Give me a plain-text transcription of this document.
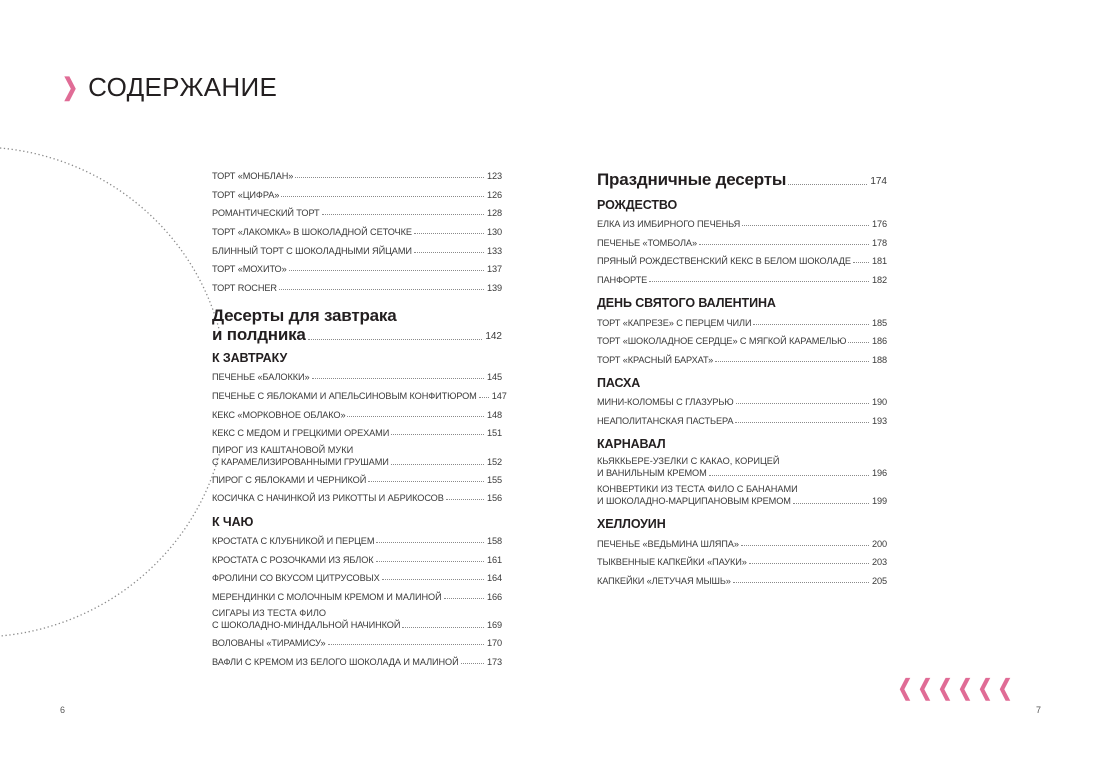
❯ СОДЕРЖАНИЕ
ТОРТ «МОНБЛАН»	123
ТОРТ «ЦИФРА»	126
РОМАНТИЧЕСКИЙ ТОРТ	128
ТОРТ «ЛАКОМКА» В ШОКОЛАДНОЙ СЕТОЧКЕ	130
БЛИННЫЙ ТОРТ С ШОКОЛАДНЫМИ ЯЙЦАМИ	133
ТОРТ «МОХИТО»	137
ТОРТ ROCHER	139
Десерты для завтрака
и полдника	142
К ЗАВТРАКУ
ПЕЧЕНЬЕ «БАЛОККИ»	145
ПЕЧЕНЬЕ С ЯБЛОКАМИ И АПЕЛЬСИНОВЫМ КОНФИТЮРОМ 147
КЕКС «МОРКОВНОЕ ОБЛАКО»	148
КЕКС С МЕДОМ И ГРЕЦКИМИ ОРЕХАМИ	151
ПИРОГ ИЗ КАШТАНОВОЙ МУКИ
С КАРАМЕЛИЗИРОВАННЫМИ ГРУШАМИ	152
ПИРОГ С ЯБЛОКАМИ И ЧЕРНИКОЙ	155
КОСИЧКА С НАЧИНКОЙ ИЗ РИКОТТЫ И АБРИКОСОВ	156
К ЧАЮ
КРОСТАТА С КЛУБНИКОЙ И ПЕРЦЕМ	158
КРОСТАТА С РОЗОЧКАМИ ИЗ ЯБЛОК	161
ФРОЛИНИ СО ВКУСОМ ЦИТРУСОВЫХ	164
МЕРЕНДИНКИ С МОЛОЧНЫМ КРЕМОМ И МАЛИНОЙ	166
СИГАРЫ ИЗ ТЕСТА ФИЛО
С ШОКОЛАДНО-МИНДАЛЬНОЙ НАЧИНКОЙ	169
ВОЛОВАНЫ «ТИРАМИСУ»	170
ВАФЛИ С КРЕМОМ ИЗ БЕЛОГО ШОКОЛАДА И МАЛИНОЙ	173
Праздничные десерты	174
РОЖДЕСТВО
ЕЛКА ИЗ ИМБИРНОГО ПЕЧЕНЬЯ	176
ПЕЧЕНЬЕ «ТОМБОЛА»	178
ПРЯНЫЙ РОЖДЕСТВЕНСКИЙ КЕКС В БЕЛОМ ШОКОЛАДЕ 181
ПАНФОРТЕ	182
ДЕНЬ СВЯТОГО ВАЛЕНТИНА
ТОРТ «КАПРЕЗЕ» С ПЕРЦЕМ ЧИЛИ	185
ТОРТ «ШОКОЛАДНОЕ СЕРДЦЕ» С МЯГКОЙ КАРАМЕЛЬЮ	186
ТОРТ «КРАСНЫЙ БАРХАТ»	188
ПАСХА
МИНИ-КОЛОМБЫ С ГЛАЗУРЬЮ	190
НЕАПОЛИТАНСКАЯ ПАСТЬЕРА	193
КАРНАВАЛ
КЬЯККЬЕРЕ-УЗЕЛКИ С КАКАО, КОРИЦЕЙ
И ВАНИЛЬНЫМ КРЕМОМ	196
КОНВЕРТИКИ ИЗ ТЕСТА ФИЛО С БАНАНАМИ
И ШОКОЛАДНО-МАРЦИПАНОВЫМ КРЕМОМ	199
ХЕЛЛОУИН
ПЕЧЕНЬЕ «ВЕДЬМИНА ШЛЯПА»	200
ТЫКВЕННЫЕ КАПКЕЙКИ «ПАУКИ»	203
КАПКЕЙКИ «ЛЕТУЧАЯ МЫШЬ»	205
❮ ❮ ❮ ❮ ❮ ❮
6	7
